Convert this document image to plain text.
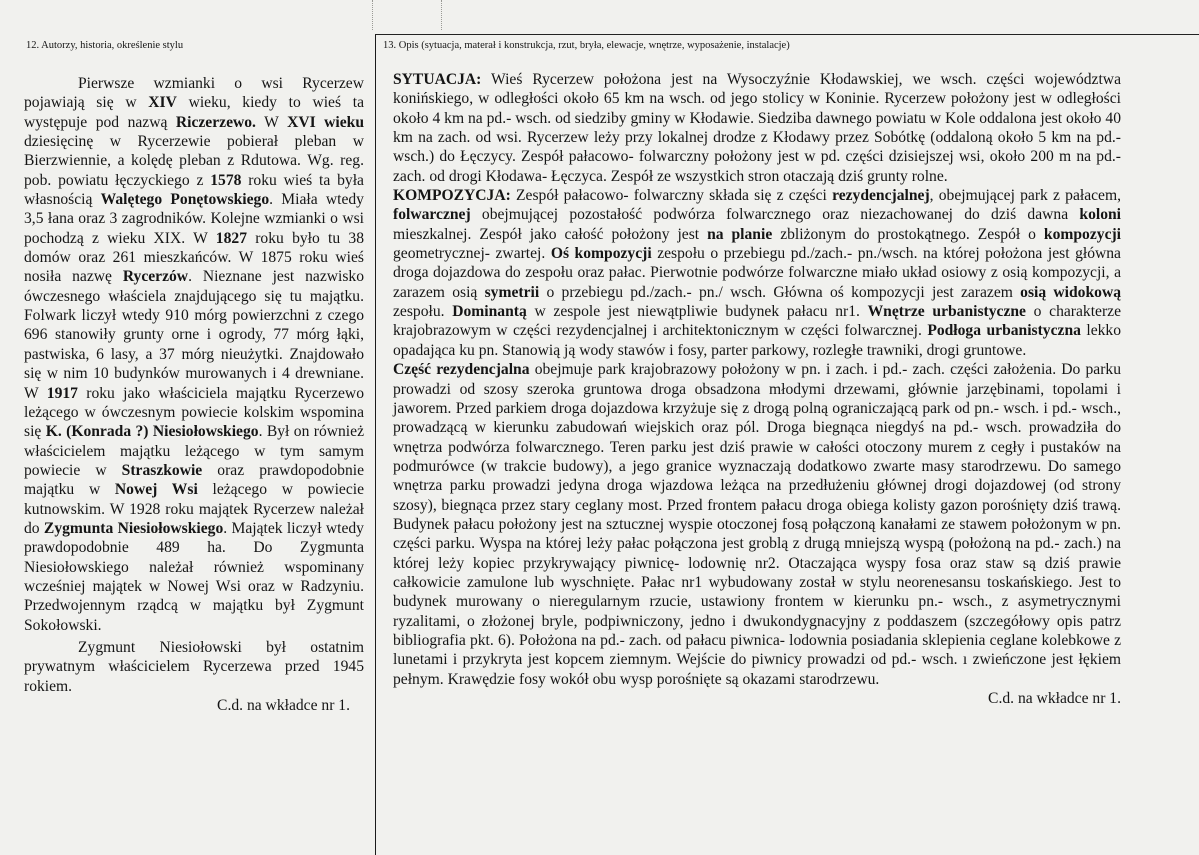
12. Autorzy, historia, określenie stylu	13. Opis (sytuacja, materał i konstrukcja, rzut, bryła, elewacje, wnętrze, wyposażenie, instalacje)

Pierwsze wzmianki o wsi Rycerzew pojawiają się w XIV wieku, kiedy to wieś ta występuje pod nazwą Riczerzewo. W XVI wieku dziesięcinę w Rycerzewie pobierał pleban w Bierzwiennie, a kolędę pleban z Rdutowa. Wg. reg. pob. powiatu łęczyckiego z 1578 roku wieś ta była własnością Walętego Ponętowskiego. Miała wtedy 3,5 łana oraz 3 zagrodników. Kolejne wzmianki o wsi pochodzą z wieku XIX. W 1827 roku było tu 38 domów oraz 261 mieszkańców. W 1875 roku wieś nosiła nazwę Rycerzów. Nieznane jest nazwisko ówczesnego właściela znajdującego się tu majątku. Folwark liczył wtedy 910 mórg powierzchni z czego 696 stanowiły grunty orne i ogrody, 77 mórg łąki, pastwiska, 6 lasy, a 37 mórg nieużytki. Znajdowało się w nim 10 budynków murowanych i 4 drewniane. W 1917 roku jako właściciela majątku Rycerzewo leżącego w ówczesnym powiecie kolskim wspomina się K. (Konrada ?) Niesiołowskiego. Był on również właścicielem majątku leżącego w tym samym powiecie w Straszkowie oraz prawdopodobnie majątku w Nowej Wsi leżącego w powiecie kutnowskim. W 1928 roku majątek Rycerzew należał do Zygmunta Niesiołowskiego. Majątek liczył wtedy prawdopodobnie 489 ha. Do Zygmunta Niesiołowskiego należał również wspominany wcześniej majątek w Nowej Wsi oraz w Radzyniu. Przedwojennym rządcą w majątku był Zygmunt Sokołowski.

Zygmunt Niesiołowski był ostatnim prywatnym właścicielem Rycerzewa przed 1945 rokiem.

C.d. na wkładce nr 1.

SYTUACJA: Wieś Rycerzew położona jest na Wysoczyźnie Kłodawskiej, we wsch. części województwa konińskiego, w odległości około 65 km na wsch. od jego stolicy w Koninie. Rycerzew położony jest w odległości około 4 km na pd.- wsch. od siedziby gminy w Kłodawie. Siedziba dawnego powiatu w Kole oddalona jest około 40 km na zach. od wsi. Rycerzew leży przy lokalnej drodze z Kłodawy przez Sobótkę (oddaloną około 5 km na pd.- wsch.) do Łęczycy. Zespół pałacowo- folwarczny położony jest w pd. części dzisiejszej wsi, około 200 m na pd.- zach. od drogi Kłodawa- Łęczyca. Zespół ze wszystkich stron otaczają dziś grunty rolne.

KOMPOZYCJA: Zespół pałacowo- folwarczny składa się z części rezydencjalnej, obejmującej park z pałacem, folwarcznej obejmującej pozostałość podwórza folwarcznego oraz niezachowanej do dziś dawna koloni mieszkalnej. Zespół jako całość położony jest na planie zbliżonym do prostokątnego. Zespół o kompozycji geometrycznej- zwartej. Oś kompozycji zespołu o przebiegu pd./zach.- pn./wsch. na której położona jest główna droga dojazdowa do zespołu oraz pałac. Pierwotnie podwórze folwarczne miało układ osiowy z osią kompozycji, a zarazem osią symetrii o przebiegu pd./zach.- pn./ wsch. Główna oś kompozycji jest zarazem osią widokową zespołu. Dominantą w zespole jest niewątpliwie budynek pałacu nr1. Wnętrze urbanistyczne o charakterze krajobrazowym w części rezydencjalnej i architektonicznym w części folwarcznej. Podłoga urbanistyczna lekko opadająca ku pn. Stanowią ją wody stawów i fosy, parter parkowy, rozległe trawniki, drogi gruntowe.

Część rezydencjalna obejmuje park krajobrazowy położony w pn. i zach. i pd.- zach. części założenia. Do parku prowadzi od szosy szeroka gruntowa droga obsadzona młodymi drzewami, głównie jarzębinami, topolami i jaworem. Przed parkiem droga dojazdowa krzyżuje się z drogą polną ograniczającą park od pn.- wsch. i pd.- wsch., prowadzącą w kierunku zabudowań wiejskich oraz pól. Droga biegnąca niegdyś na pd.- wsch. prowadziła do wnętrza podwórza folwarcznego. Teren parku jest dziś prawie w całości otoczony murem z cegły i pustaków na podmurówce (w trakcie budowy), a jego granice wyznaczają dodatkowo zwarte masy starodrzewu. Do samego wnętrza parku prowadzi jedyna droga wjazdowa leżąca na przedłużeniu głównej drogi dojazdowej (od strony szosy), biegnąca przez stary ceglany most. Przed frontem pałacu droga obiega kolisty gazon porośnięty dziś trawą. Budynek pałacu położony jest na sztucznej wyspie otoczonej fosą połączoną kanałami ze stawem położonym w pn. części parku. Wyspa na której leży pałac połączona jest groblą z drugą mniejszą wyspą (położoną na pd.- zach.) na której leży kopiec przykrywający piwnicę- lodownię nr2. Otaczająca wyspy fosa oraz staw są dziś prawie całkowicie zamulone lub wyschnięte. Pałac nr1 wybudowany został w stylu neorenesansu toskańskiego. Jest to budynek murowany o nieregularnym rzucie, ustawiony frontem w kierunku pn.- wsch., z asymetrycznymi ryzalitami, o złożonej bryle, podpiwniczony, jedno i dwukondygnacyjny z poddaszem (szczegółowy opis patrz bibliografia pkt. 6). Położona na pd.- zach. od pałacu piwnica- lodownia posiadania sklepienia ceglane kolebkowe z lunetami i przykryta jest kopcem ziemnym. Wejście do piwnicy prowadzi od pd.- wsch. ı zwieńczone jest łękiem pełnym. Krawędzie fosy wokół obu wysp porośnięte są okazami starodrzewu.

C.d. na wkładce nr 1.
